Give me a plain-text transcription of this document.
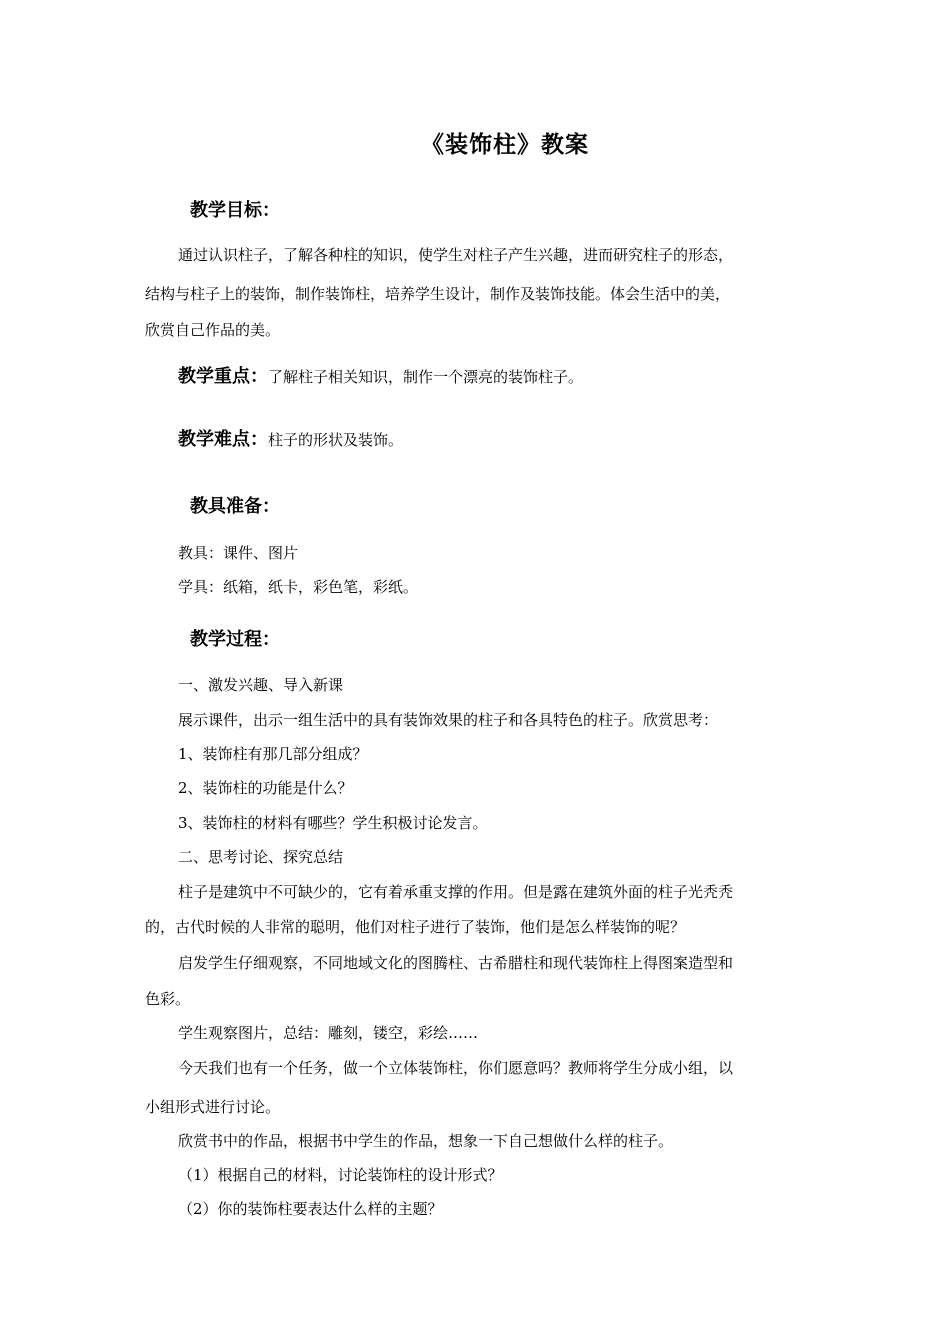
《装饰柱》教案
教学目标：
通过认识柱子，了解各种柱的知识，使学生对柱子产生兴趣，进而研究柱子的形态，
结构与柱子上的装饰，制作装饰柱，培养学生设计，制作及装饰技能。体会生活中的美，
欣赏自己作品的美。
教学重点：了解柱子相关知识，制作一个漂亮的装饰柱子。
教学难点：柱子的形状及装饰。
教具准备：
教具：课件、图片
学具：纸箱，纸卡，彩色笔，彩纸。
教学过程：
一、激发兴趣、导入新课
展示课件，出示一组生活中的具有装饰效果的柱子和各具特色的柱子。欣赏思考：
1、装饰柱有那几部分组成？
2、装饰柱的功能是什么？
3、装饰柱的材料有哪些？学生积极讨论发言。
二、思考讨论、探究总结
柱子是建筑中不可缺少的，它有着承重支撑的作用。但是露在建筑外面的柱子光秃秃
的，古代时候的人非常的聪明，他们对柱子进行了装饰，他们是怎么样装饰的呢？
启发学生仔细观察，不同地域文化的图腾柱、古希腊柱和现代装饰柱上得图案造型和
色彩。
学生观察图片，总结：雕刻，镂空，彩绘……
今天我们也有一个任务，做一个立体装饰柱，你们愿意吗？教师将学生分成小组，以
小组形式进行讨论。
欣赏书中的作品，根据书中学生的作品，想象一下自己想做什么样的柱子。
（1）根据自己的材料，讨论装饰柱的设计形式？
（2）你的装饰柱要表达什么样的主题？
